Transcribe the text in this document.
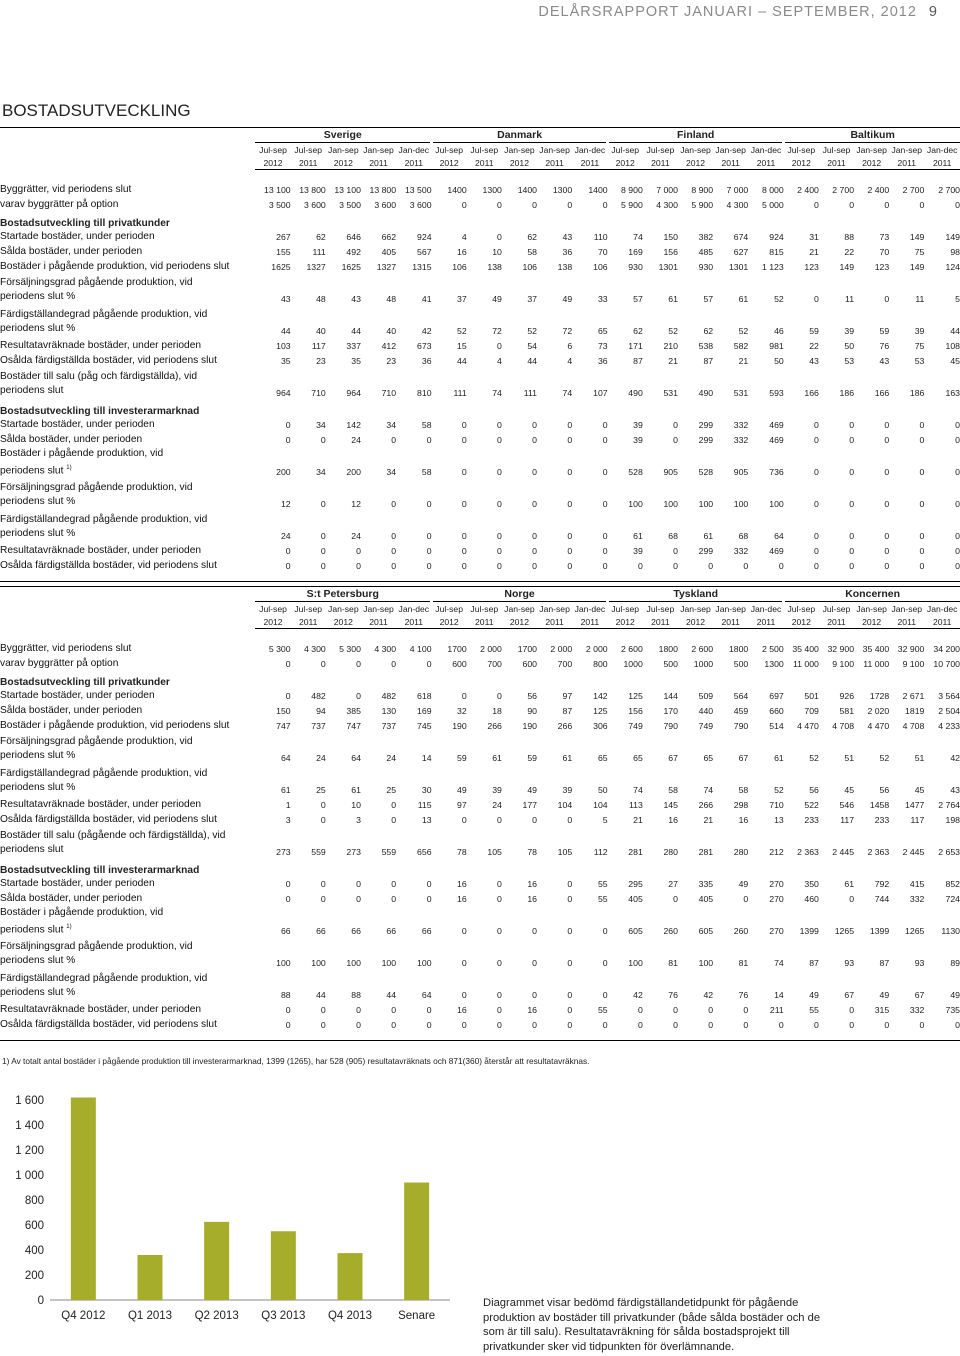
DELÅRSRAPPORT JANUARI – SEPTEMBER, 2012 9
BOSTADSUTVECKLING

	Sverige					Danmark					Finland					Baltikum				
	Jul-sep	Jul-sep	Jan-sep	Jan-sep	Jan-dec	Jul-sep	Jul-sep	Jan-sep	Jan-sep	Jan-dec	Jul-sep	Jul-sep	Jan-sep	Jan-sep	Jan-dec	Jul-sep	Jul-sep	Jan-sep	Jan-sep	Jan-dec
	2012	2011	2012	2011	2011	2012	2011	2012	2011	2011	2012	2011	2012	2011	2011	2012	2011	2012	2011	2011

Byggrätter, vid periodens slut	13 100	13 800	13 100	13 800	13 500	1400	1300	1400	1300	1400	8 900	7 000	8 900	7 000	8 000	2 400	2 700	2 400	2 700	2 700
varav byggrätter på option	3 500	3 600	3 500	3 600	3 600	0	0	0	0	0	5 900	4 300	5 900	4 300	5 000	0	0	0	0	0
Bostadsutveckling till privatkunder																				
Startade bostäder, under perioden	267	62	646	662	924	4	0	62	43	110	74	150	382	674	924	31	88	73	149	149
Sålda bostäder, under perioden	155	111	492	405	567	16	10	58	36	70	169	156	485	627	815	21	22	70	75	98
Bostäder i pågående produktion, vid periodens slut	1625	1327	1625	1327	1315	106	138	106	138	106	930	1301	930	1301	1 123	123	149	123	149	124
Försäljningsgrad pågående produktion, vid
periodens slut %	43	48	43	48	41	37	49	37	49	33	57	61	57	61	52	0	11	0	11	5
Färdigställandegrad pågående produktion, vid
periodens slut %	44	40	44	40	42	52	72	52	72	65	62	52	62	52	46	59	39	59	39	44
Resultatavräknade bostäder, under perioden	103	117	337	412	673	15	0	54	6	73	171	210	538	582	981	22	50	76	75	108
Osålda färdigställda bostäder, vid periodens slut	35	23	35	23	36	44	4	44	4	36	87	21	87	21	50	43	53	43	53	45
Bostäder till salu (påg och färdigställda), vid
periodens slut	964	710	964	710	810	111	74	111	74	107	490	531	490	531	593	166	186	166	186	163
Bostadsutveckling till investerarmarknad																				
Startade bostäder, under perioden	0	34	142	34	58	0	0	0	0	0	39	0	299	332	469	0	0	0	0	0
Sålda bostäder, under perioden	0	0	24	0	0	0	0	0	0	0	39	0	299	332	469	0	0	0	0	0
Bostäder i pågående produktion, vid
periodens slut $^{1)}$	200	34	200	34	58	0	0	0	0	0	528	905	528	905	736	0	0	0	0	0
Försäljningsgrad pågående produktion, vid
periodens slut %	12	0	12	0	0	0	0	0	0	0	100	100	100	100	100	0	0	0	0	0
Färdigställandegrad pågående produktion, vid
periodens slut %	24	0	24	0	0	0	0	0	0	0	61	68	61	68	64	0	0	0	0	0
Resultatavräknade bostäder, under perioden	0	0	0	0	0	0	0	0	0	0	39	0	299	332	469	0	0	0	0	0
Osålda färdigställda bostäder, vid periodens slut	0	0	0	0	0	0	0	0	0	0	0	0	0	0	0	0	0	0	0	0

	S:t Petersburg					Norge					Tyskland					Koncernen				
	Jul-sep	Jul-sep	Jan-sep	Jan-sep	Jan-dec	Jul-sep	Jul-sep	Jan-sep	Jan-sep	Jan-dec	Jul-sep	Jul-sep	Jan-sep	Jan-sep	Jan-dec	Jul-sep	Jul-sep	Jan-sep	Jan-sep	Jan-dec
	2012	2011	2012	2011	2011	2012	2011	2012	2011	2011	2012	2011	2012	2011	2011	2012	2011	2012	2011	2011

Byggrätter, vid periodens slut	5 300	4 300	5 300	4 300	4 100	1700	2 000	1700	2 000	2 000	2 600	1800	2 600	1800	2 500	35 400	32 900	35 400	32 900	34 200
varav byggrätter på option	0	0	0	0	0	600	700	600	700	800	1000	500	1000	500	1300	11 000	9 100	11 000	9 100	10 700
Bostadsutveckling till privatkunder																				
Startade bostäder, under perioden	0	482	0	482	618	0	0	56	97	142	125	144	509	564	697	501	926	1728	2 671	3 564
Sålda bostäder, under perioden	150	94	385	130	169	32	18	90	87	125	156	170	440	459	660	709	581	2 020	1819	2 504
Bostäder i pågående produktion, vid periodens slut	747	737	747	737	745	190	266	190	266	306	749	790	749	790	514	4 470	4 708	4 470	4 708	4 233
Försäljningsgrad pågående produktion, vid
periodens slut %	64	24	64	24	14	59	61	59	61	65	65	67	65	67	61	52	51	52	51	42
Färdigställandegrad pågående produktion, vid
periodens slut %	61	25	61	25	30	49	39	49	39	50	74	58	74	58	52	56	45	56	45	43
Resultatavräknade bostäder, under perioden	1	0	10	0	115	97	24	177	104	104	113	145	266	298	710	522	546	1458	1477	2 764
Osålda färdigställda bostäder, vid periodens slut	3	0	3	0	13	0	0	0	0	5	21	16	21	16	13	233	117	233	117	198
Bostäder till salu (pågående och färdigställda), vid
periodens slut	273	559	273	559	656	78	105	78	105	112	281	280	281	280	212	2 363	2 445	2 363	2 445	2 653
Bostadsutveckling till investerarmarknad																				
Startade bostäder, under perioden	0	0	0	0	0	16	0	16	0	55	295	27	335	49	270	350	61	792	415	852
Sålda bostäder, under perioden	0	0	0	0	0	16	0	16	0	55	405	0	405	0	270	460	0	744	332	724
Bostäder i pågående produktion, vid
periodens slut $^{1)}$	66	66	66	66	66	0	0	0	0	0	605	260	605	260	270	1399	1265	1399	1265	1130
Försäljningsgrad pågående produktion, vid
periodens slut %	100	100	100	100	100	0	0	0	0	0	100	81	100	81	74	87	93	87	93	89
Färdigställandegrad pågående produktion, vid
periodens slut %	88	44	88	44	64	0	0	0	0	0	42	76	42	76	14	49	67	49	67	49
Resultatavräknade bostäder, under perioden	0	0	0	0	0	16	0	16	0	55	0	0	0	0	211	55	0	315	332	735
Osålda färdigställda bostäder, vid periodens slut	0	0	0	0	0	0	0	0	0	0	0	0	0	0	0	0	0	0	0	0

1) Av totalt antal bostäder i pågående produktion till investerarmarknad, 1399 (1265), har 528 (905) resultatavräknats och 871(360) återstår att resultatavräknas.
0
200
400
600
800
1 000
1 200
1 400
1 600
Q4 2012 Q1 2013 Q2 2013 Q3 2013 Q4 2013 Senare
Diagrammet visar bedömd färdigställandetidpunkt för pågående produktion av bostäder till privatkunder (både sålda bostäder och de som är till salu). Resultatavräkning för sålda bostadsprojekt till privatkunder sker vid tidpunkten för överlämnande.
